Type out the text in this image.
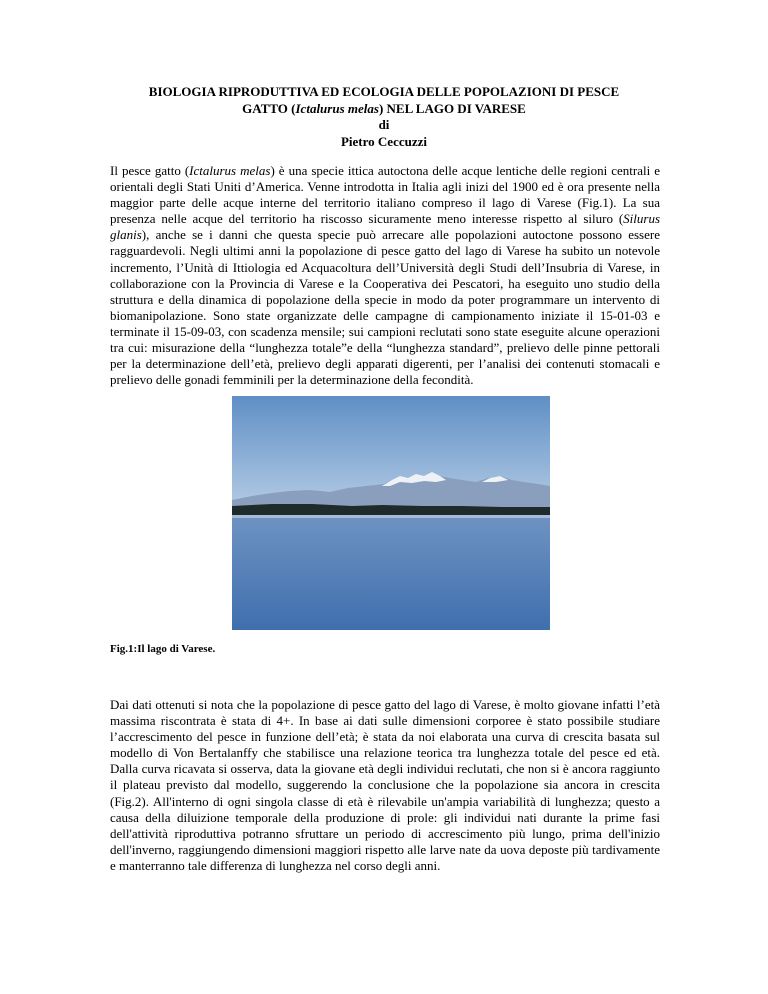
BIOLOGIA RIPRODUTTIVA ED ECOLOGIA DELLE POPOLAZIONI DI PESCE
GATTO (Ictalurus melas) NEL LAGO DI VARESE
di
Pietro Ceccuzzi
Il pesce gatto (Ictalurus melas) è una specie ittica autoctona delle acque lentiche delle regioni centrali e orientali degli Stati Uniti d’America. Venne introdotta in Italia agli inizi del 1900 ed è ora presente nella maggior parte delle acque interne del territorio italiano compreso il lago di Varese (Fig.1). La sua presenza nelle acque del territorio ha riscosso sicuramente meno interesse rispetto al siluro (Silurus glanis), anche se i danni che questa specie può arrecare alle popolazioni autoctone possono essere ragguardevoli. Negli ultimi anni la popolazione di pesce gatto del lago di Varese ha subito un notevole incremento, l’Unità di Ittiologia ed Acquacoltura dell’Università degli Studi dell’Insubria di Varese, in collaborazione con la Provincia di Varese e la Cooperativa dei Pescatori, ha eseguito uno studio della struttura e della dinamica di popolazione della specie in modo da poter programmare un intervento di biomanipolazione. Sono state organizzate delle campagne di campionamento iniziate il 15-01-03 e terminate il 15-09-03, con scadenza mensile; sui campioni reclutati sono state eseguite alcune operazioni tra cui: misurazione della “lunghezza totale”e della “lunghezza standard”, prelievo delle pinne pettorali per la determinazione dell’età, prelievo degli apparati digerenti, per l’analisi dei contenuti stomacali e prelievo delle gonadi femminili per la determinazione della fecondità.
Fig.1:Il lago di Varese.
Dai dati ottenuti si nota che la popolazione di pesce gatto del lago di Varese, è molto giovane infatti l’età massima riscontrata è stata di 4+. In base ai dati sulle dimensioni corporee è stato possibile studiare l’accrescimento del pesce in funzione dell’età; è stata da noi elaborata una curva di crescita basata sul modello di Von Bertalanffy che stabilisce una relazione teorica tra lunghezza totale del pesce ed età. Dalla curva ricavata si osserva, data la giovane età degli individui reclutati, che non si è ancora raggiunto il plateau previsto dal modello, suggerendo la conclusione che la popolazione sia ancora in crescita (Fig.2). All'interno di ogni singola classe di età è rilevabile un'ampia variabilità di lunghezza; questo a causa della diluizione temporale della produzione di prole: gli individui nati durante la prime fasi dell'attività riproduttiva potranno sfruttare un periodo di accrescimento più lungo, prima dell'inizio dell'inverno, raggiungendo dimensioni maggiori rispetto alle larve nate da uova deposte più tardivamente e manterranno tale differenza di lunghezza nel corso degli anni.
